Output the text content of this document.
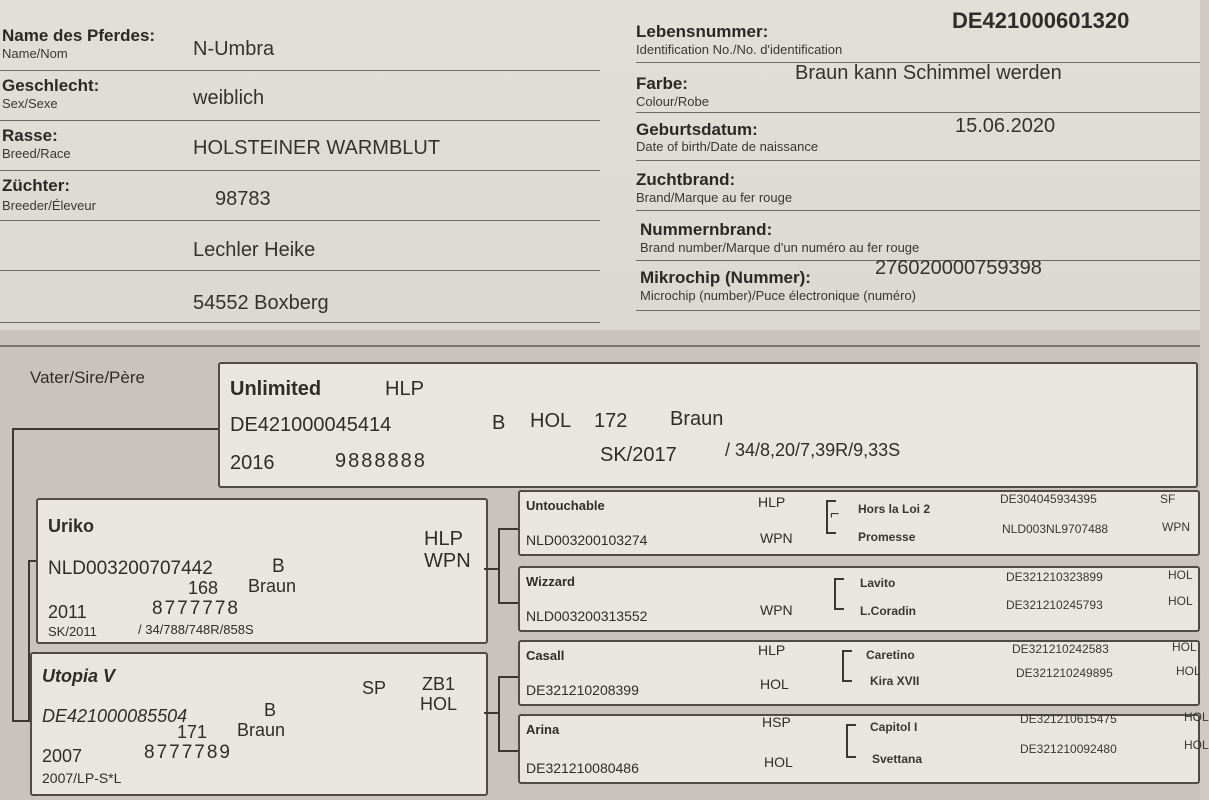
Name des Pferdes:
Name/Nom	N-Umbra
Geschlecht:
Sex/Sexe	weiblich
Rasse:
Breed/Race	HOLSTEINER WARMBLUT
Züchter:
Breeder/Éleveur	98783
Lechler Heike
54552 Boxberg
Lebensnummer:
Identification No./No. d'identification
DE421000601320
Farbe:
Colour/Robe
Braun kann Schimmel werden
Geburtsdatum:
Date of birth/Date de naissance
15.06.2020
Zuchtbrand:
Brand/Marque au fer rouge
Nummernbrand:
Brand number/Marque d'un numéro au fer rouge
Mikrochip (Nummer):
Microchip (number)/Puce électronique (numéro)
276020000759398
Vater/Sire/Père
Unlimited	HLP
DE421000045414	B HOL 172 Braun
2016	9888888	SK/2017	/ 34/8,20/7,39R/9,33S
Uriko
HLP
WPN
NLD003200707442	B
168 Braun
2011	8777778
SK/2011	/ 34/788/748R/858S
Utopia V
SP ZB1
HOL
DE421000085504	B
171 Braun
2007	8777789
2007/LP-S*L
Untouchable	HLP
NLD003200103274	WPN
⌐ Hors la Loi 2
DE304045934395	SF
Promesse
NLD003NL9707488	WPN
Wizzard
NLD003200313552	WPN
Lavito	DE321210323899	HOL
L.Coradin	DE321210245793	HOL
Casall	HLP
DE321210208399	HOL
Caretino	DE321210242583	HOL
Kira XVII
DE321210249895	HOL
Arina	HSP
DE321210080486	HOL
Capitol I
DE321210615475	HOL
Svettana
DE321210092480	HOL
